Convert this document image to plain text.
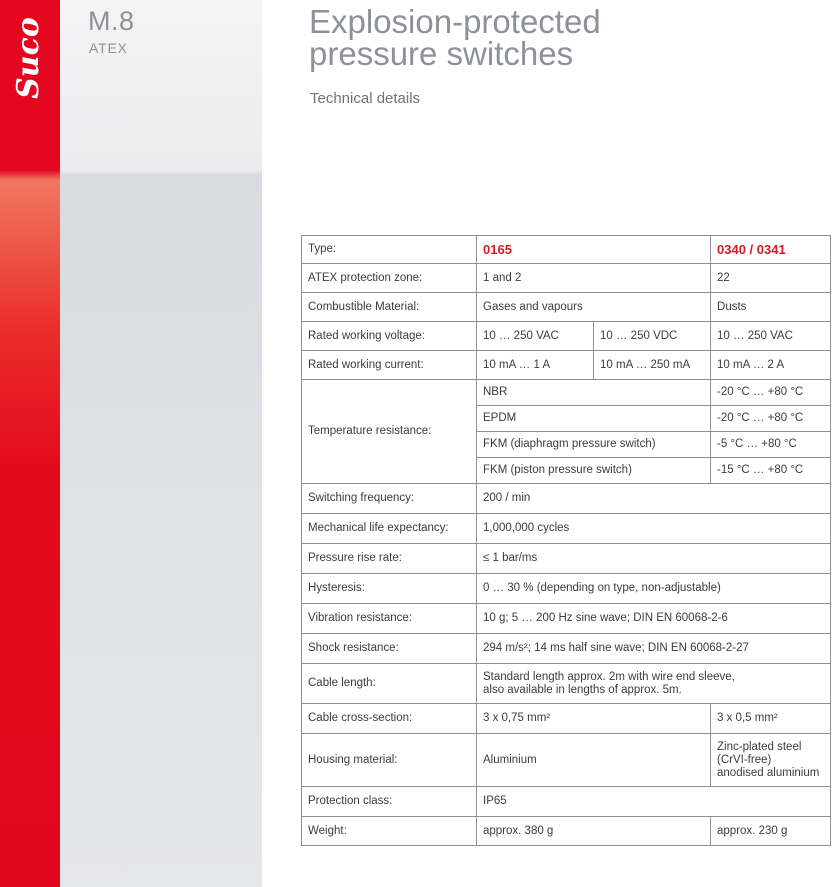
Suco M.8
ATEX
Explosion-protected
pressure switches
Technical details
Type:	0165		0340 / 0341
ATEX protection zone:	1 and 2		22
Combustible Material:	Gases and vapours		Dusts
Rated working voltage:	10 … 250 VAC	10 … 250 VDC	10 … 250 VAC
Rated working current:	10 mA … 1 A	10 mA … 250 mA	10 mA … 2 A
Temperature resistance:	NBR		-20 °C … +80 °C
	EPDM		-20 °C … +80 °C
	FKM (diaphragm pressure switch)		-5 °C … +80 °C
	FKM (piston pressure switch)		-15 °C … +80 °C
Switching frequency:	200 / min		
Mechanical life expectancy:	1,000,000 cycles		
Pressure rise rate:	≤ 1 bar/ms		
Hysteresis:	0 … 30 % (depending on type, non-adjustable)		
Vibration resistance:	10 g; 5 … 200 Hz sine wave; DIN EN 60068-2-6		
Shock resistance:	294 m/s²; 14 ms half sine wave; DIN EN 60068-2-27		
Cable length:	Standard length approx. 2m with wire end sleeve,
also available in lengths of approx. 5m.		

Cable cross-section:	3 x 0,75 mm²		3 x 0,5 mm²
Housing material:	Aluminium		Zinc-plated steel
(CrVI-free)
anodised aluminium

Protection class:	IP65		
Weight:	approx. 380 g		approx. 230 g
